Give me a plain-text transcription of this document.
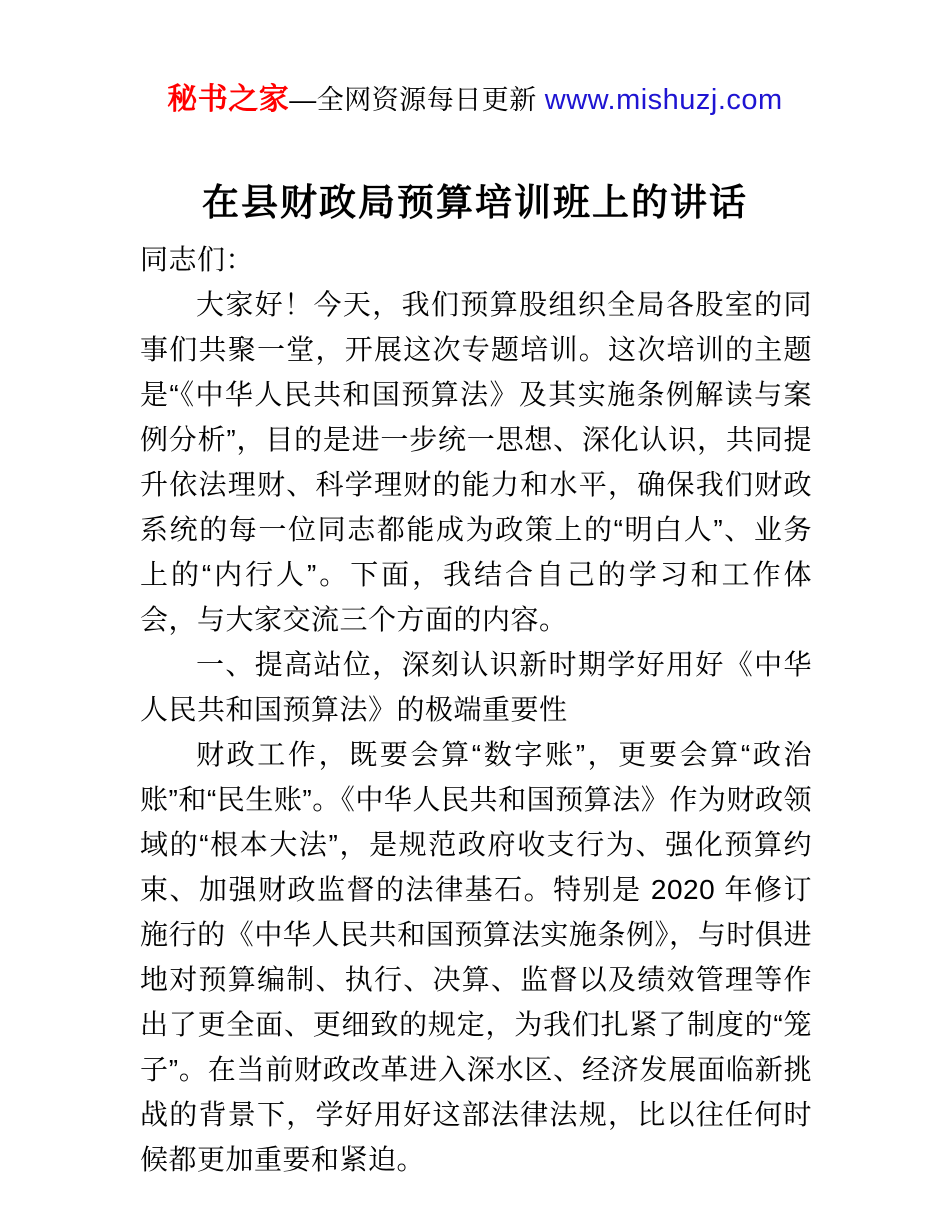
秘书之家—全网资源每日更新 www.mishuzj.com
在县财政局预算培训班上的讲话

同志们：

大家好！今天，我们预算股组织全局各股室的同事们共聚一堂，开展这次专题培训。这次培训的主题是“《中华人民共和国预算法》及其实施条例解读与案例分析”，目的是进一步统一思想、深化认识，共同提升依法理财、科学理财的能力和水平，确保我们财政系统的每一位同志都能成为政策上的“明白人”、业务上的“内行人”。下面，我结合自己的学习和工作体会，与大家交流三个方面的内容。

一、提高站位，深刻认识新时期学好用好《中华人民共和国预算法》的极端重要性

财政工作，既要会算“数字账”，更要会算“政治账”和“民生账”。《中华人民共和国预算法》作为财政领域的“根本大法”，是规范政府收支行为、强化预算约束、加强财政监督的法律基石。特别是 2020 年修订施行的《中华人民共和国预算法实施条例》，与时俱进地对预算编制、执行、决算、监督以及绩效管理等作出了更全面、更细致的规定，为我们扎紧了制度的“笼子”。在当前财政改革进入深水区、经济发展面临新挑战的背景下，学好用好这部法律法规，比以往任何时候都更加重要和紧迫。
